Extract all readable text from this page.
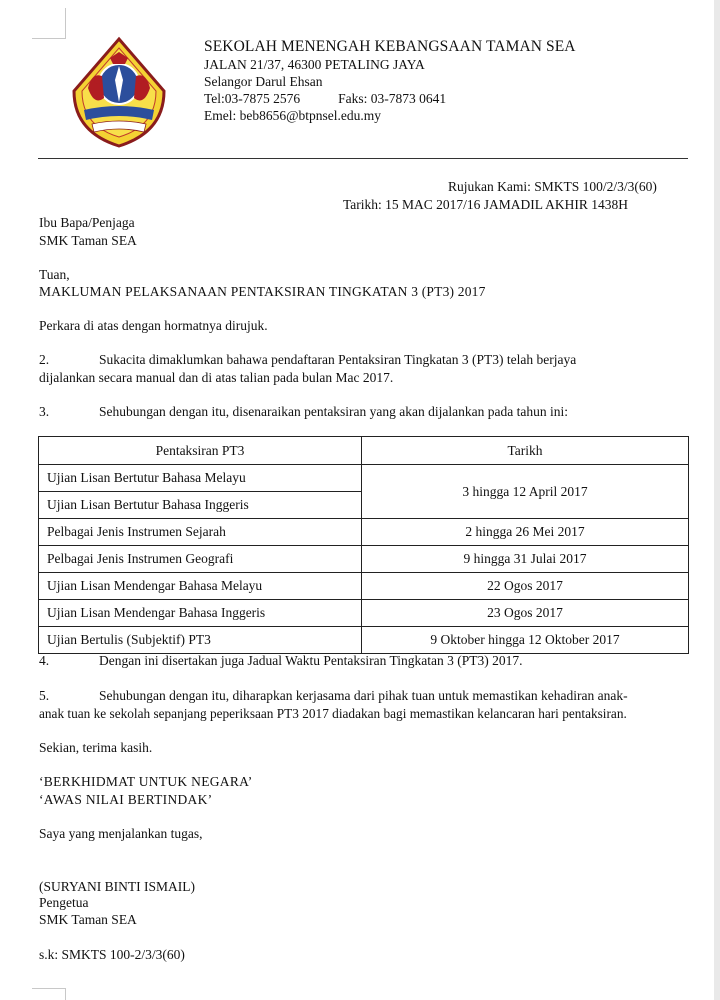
SEKOLAH MENENGAH KEBANGSAAN TAMAN SEA
JALAN 21/37, 46300 PETALING JAYA
Selangor Darul Ehsan
Tel:03-7875 2576	Faks: 03-7873 0641
Emel: beb8656@btpnsel.edu.my
Rujukan Kami: SMKTS 100/2/3/3(60)
Tarikh: 15 MAC 2017/16 JAMADIL AKHIR 1438H
Ibu Bapa/Penjaga
SMK Taman SEA
Tuan,
MAKLUMAN PELAKSANAAN PENTAKSIRAN TINGKATAN 3 (PT3) 2017
Perkara di atas dengan hormatnya dirujuk.
2.	Sukacita dimaklumkan bahawa pendaftaran Pentaksiran Tingkatan 3 (PT3) telah berjaya
dijalankan secara manual dan di atas talian pada bulan Mac 2017.
3.	Sehubungan dengan itu, disenaraikan pentaksiran yang akan dijalankan pada tahun ini:
Pentaksiran PT3	Tarikh
Ujian Lisan Bertutur Bahasa Melayu	3 hingga 12 April 2017
Ujian Lisan Bertutur Bahasa Inggeris	
Pelbagai Jenis Instrumen Sejarah	2 hingga 26 Mei 2017
Pelbagai Jenis Instrumen Geografi	9 hingga 31 Julai 2017
Ujian Lisan Mendengar Bahasa Melayu	22 Ogos 2017
Ujian Lisan Mendengar Bahasa Inggeris	23 Ogos 2017
Ujian Bertulis (Subjektif) PT3	9 Oktober hingga 12 Oktober 2017
4.	Dengan ini disertakan juga Jadual Waktu Pentaksiran Tingkatan 3 (PT3) 2017.
5.	Sehubungan dengan itu, diharapkan kerjasama dari pihak tuan untuk memastikan kehadiran anak-
anak tuan ke sekolah sepanjang peperiksaan PT3 2017 diadakan bagi memastikan kelancaran hari pentaksiran.
Sekian, terima kasih.
‘BERKHIDMAT UNTUK NEGARA’
‘AWAS NILAI BERTINDAK’
Saya yang menjalankan tugas,
(SURYANI BINTI ISMAIL)
Pengetua
SMK Taman SEA
s.k: SMKTS 100-2/3/3(60)
